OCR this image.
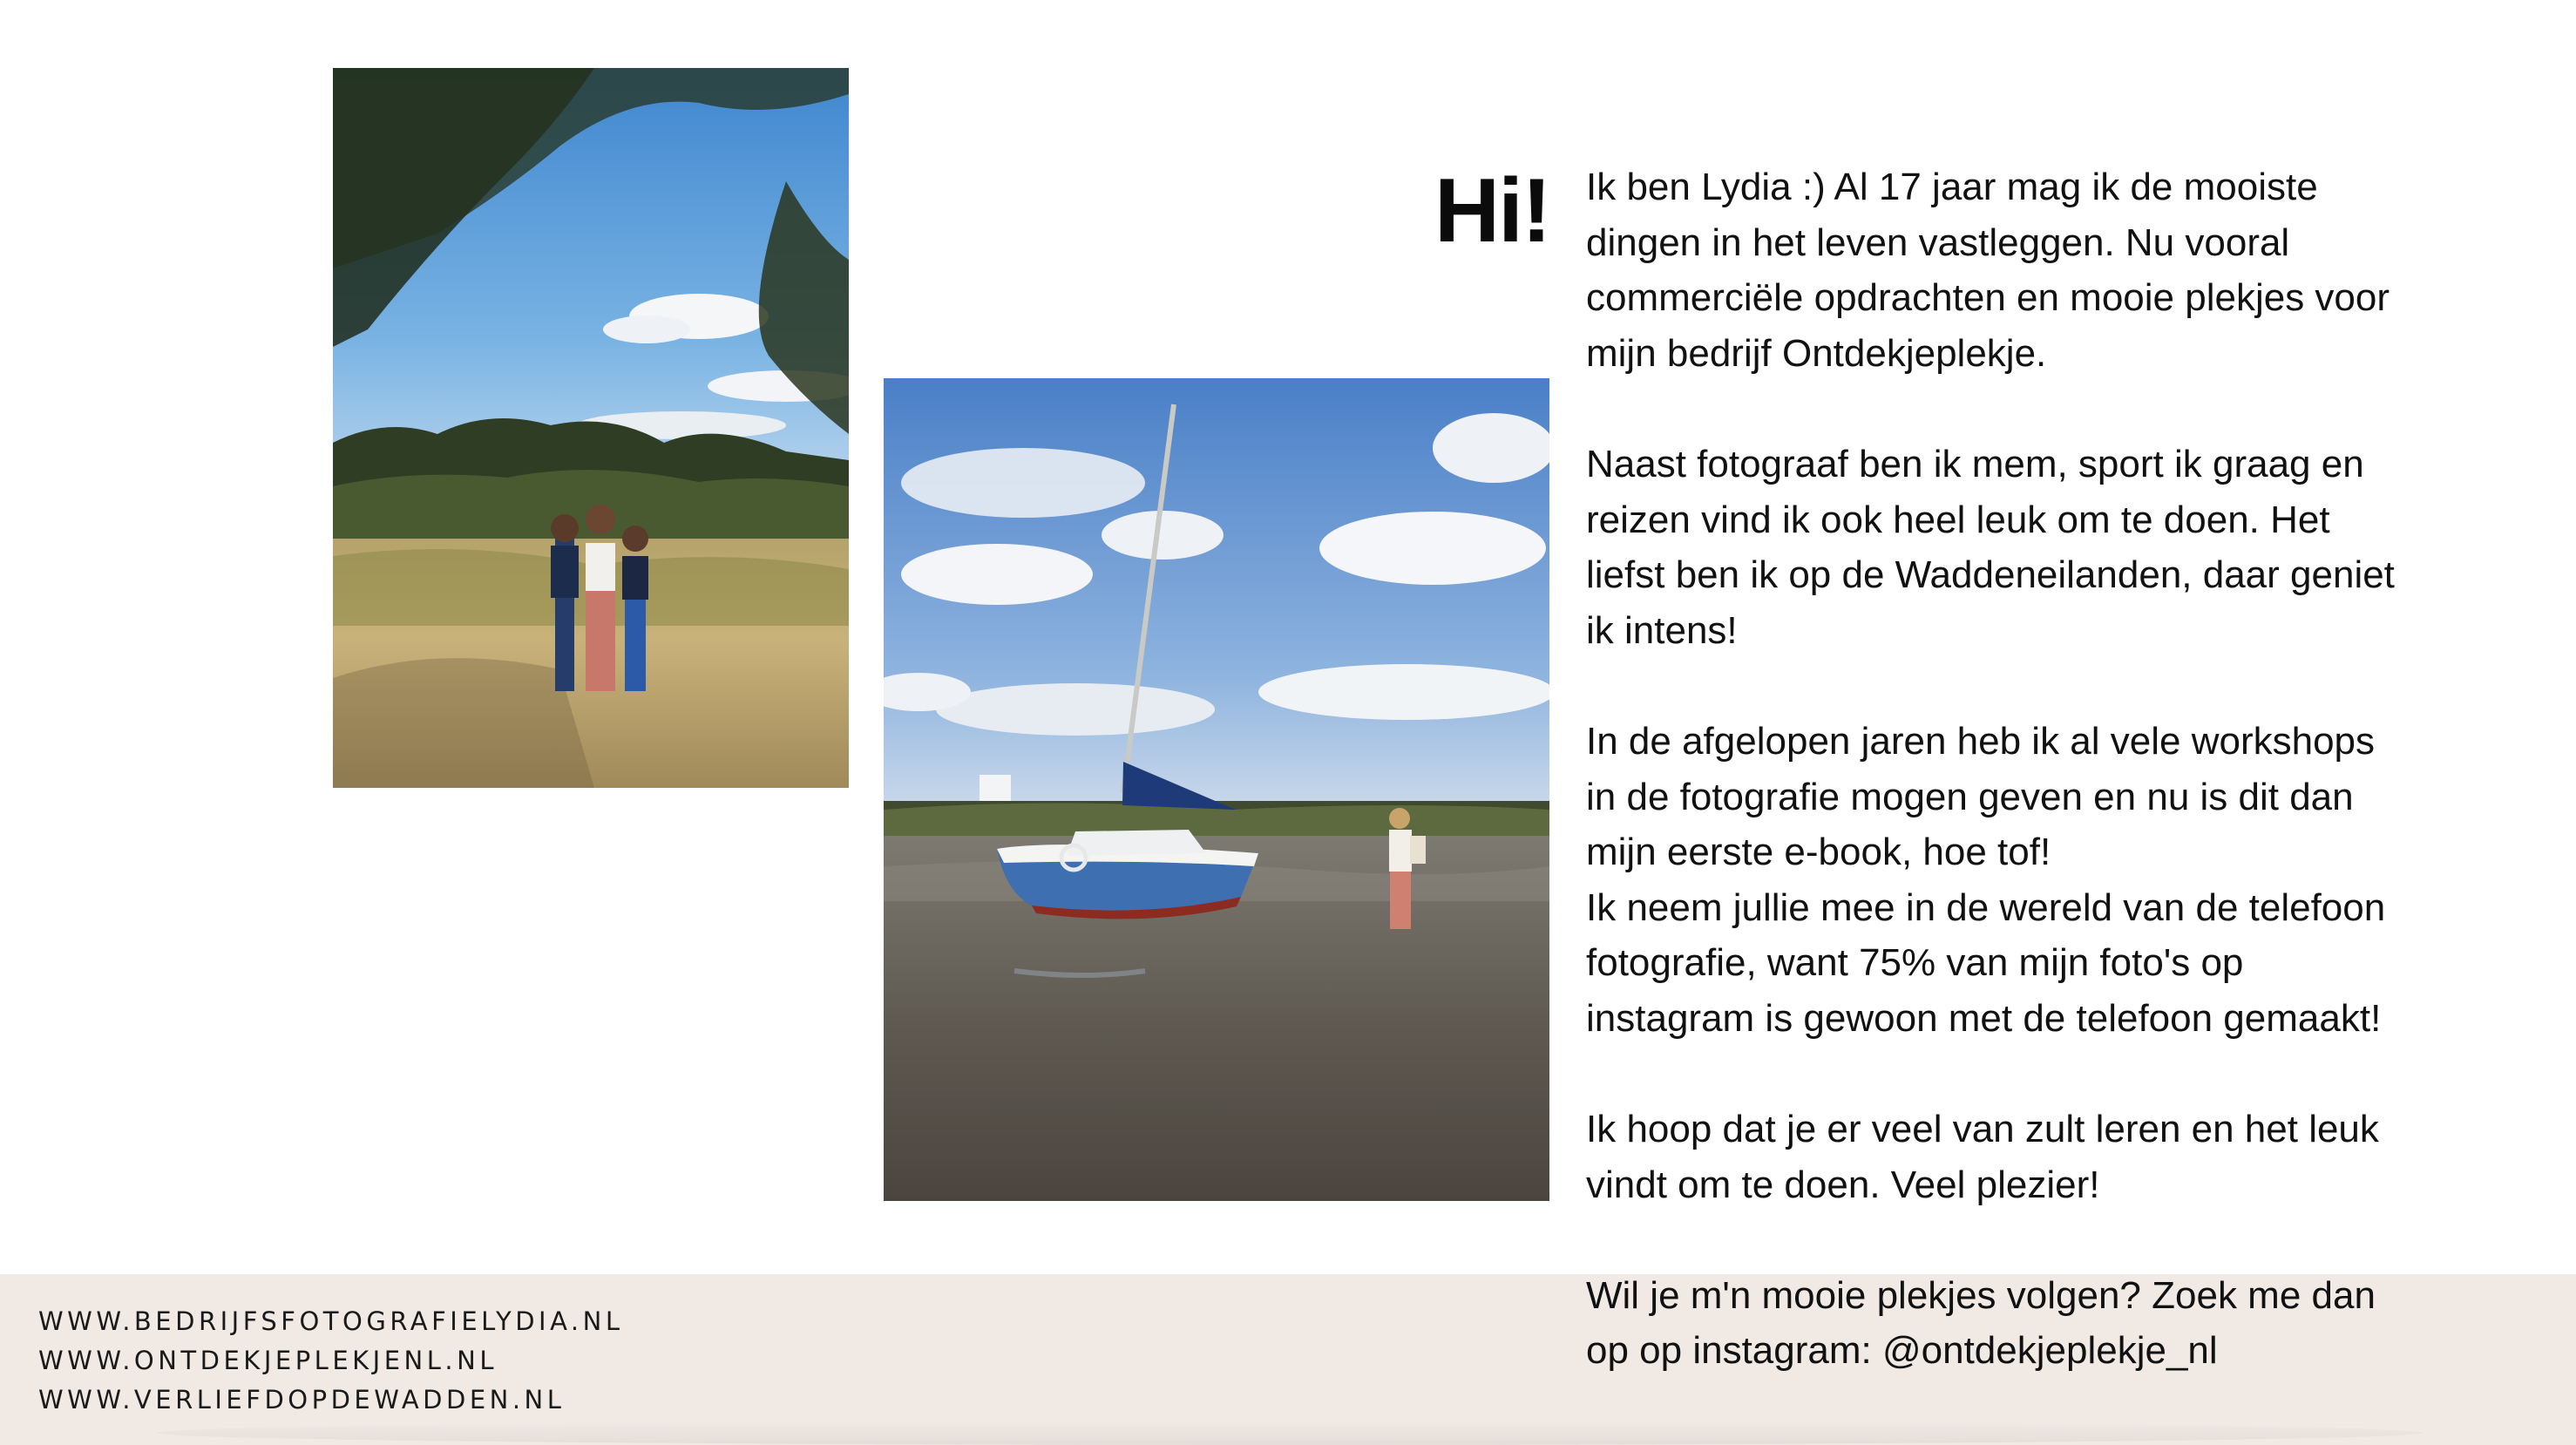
Hi! Ik ben Lydia :) Al 17 jaar mag ik de mooiste

dingen in het leven vastleggen. Nu vooral

commerciële opdrachten en mooie plekjes voor

mijn bedrijf Ontdekjeplekje.

Naast fotograaf ben ik mem, sport ik graag en

reizen vind ik ook heel leuk om te doen. Het

liefst ben ik op de Waddeneilanden, daar geniet

ik intens!

In de afgelopen jaren heb ik al vele workshops

in de fotografie mogen geven en nu is dit dan

mijn eerste e-book, hoe tof!

Ik neem jullie mee in de wereld van de telefoon

fotografie, want 75% van mijn foto's op

instagram is gewoon met de telefoon gemaakt!

Ik hoop dat je er veel van zult leren en het leuk

vindt om te doen. Veel plezier!

Wil je m'n mooie plekjes volgen? Zoek me dan

op op instagram: @ontdekjeplekje_nl

WWW.BEDRIJFSFOTOGRAFIELYDIA.NL
WWW.ONTDEKJEPLEKJENL.NL
WWW.VERLIEFDOPDEWADDEN.NL
